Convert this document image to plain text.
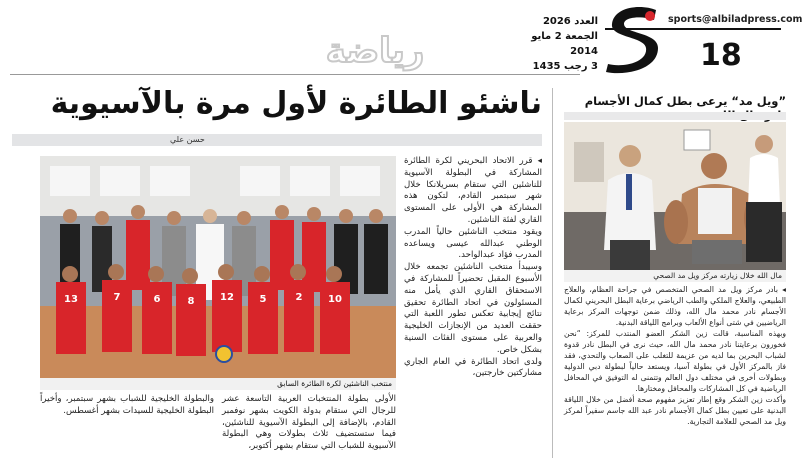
18
sports@albiladpress.com
العدد 2026
الجمعة 2 مايو 2014
3 رجب 1435
رياضة
”ويل مد“ يرعى بطل كمال الأجسام
مال الله خلال زيارته مركز ويل مد الصحي

◂ بادر مركز ويل مد الصحي المتخصص في جراحة العظام، والعلاج الطبيعي، والعلاج الملكي والطب الرياضي برعاية البطل البحريني لكمال الأجسام نادر محمد مال الله، وذلك ضمن توجهات المركز برعاية الرياضيين في شتى أنواع الألعاب وبرامج اللياقة البدنية.

وبهذه المناسبة، قالت زين الشكر العضو المنتدب للمركز: “نحن فخورون برعايتنا نادر محمد مال الله، حيث نرى في البطل نادر قدوة لشباب البحرين بما لديه من عزيمة للتغلب على الصعاب والتحدي، فقد فاز بالمركز الأول في بطولة آسيا، ويستعد حالياً لبطولة دبي الدولية وبطولات أخرى في مختلف دول العالم وتتمنى له التوفيق في المحافل الرياضية في كل المشاركات والمحافل ومختارها.

وأكدت زين الشكر وقع إطار تعزيز مفهوم صحة أفضل من خلال اللياقة البدنية على تعيين بطل كمال الأجسام نادر عبد الله جاسم سفيراً لمركز ويل مد الصحي للعلامة التجارية.

ناشئو الطائرة لأول مرة بالآسيوية
حسن علي
13	7	6	8	12	5	2	10
منتخب الناشئين لكرة الطائرة السابق

◂ قرر الاتحاد البحريني لكرة الطائرة المشاركة في البطولة الآسيوية للناشئين التي ستقام بسريلانكا خلال شهر سبتمبر القادم، لتكون هذه المشاركة هي الأولى على المستوى القاري لفئة الناشئين.

ويقود منتخب الناشئين حالياً المدرب الوطني عبدالله عيسى ويساعده المدرب فؤاد عبدالواحد.

وسيبدأ منتخب الناشئين تجمعه خلال الأسبوع المقبل تحضيراً للمشاركة في الاستحقاق القاري الذي يأمل منه المسئولون في اتحاد الطائرة تحقيق نتائج إيجابية تعكس تطور اللعبة التي حققت العديد من الإنجازات الخليجية والعربية على مستوى الفئات السنية بشكل خاص.

ولدى اتحاد الطائرة في العام الجاري مشاركتين خارجتين،

الأولى بطولة المنتخبات العربية التاسعة عشر للرجال التي ستقام بدولة الكويت بشهر نوفمبر القادم، بالإضافة إلى البطولة الآسيوية للناشئين، فيما ستستضيف ثلاث بطولات وهي البطولة الآسيوية للشباب التي ستقام بشهر أكتوبر،

والبطولة الخليجية للشباب بشهر سبتمبر، وأخيراً البطولة الخليجية للسيدات بشهر أغسطس.
